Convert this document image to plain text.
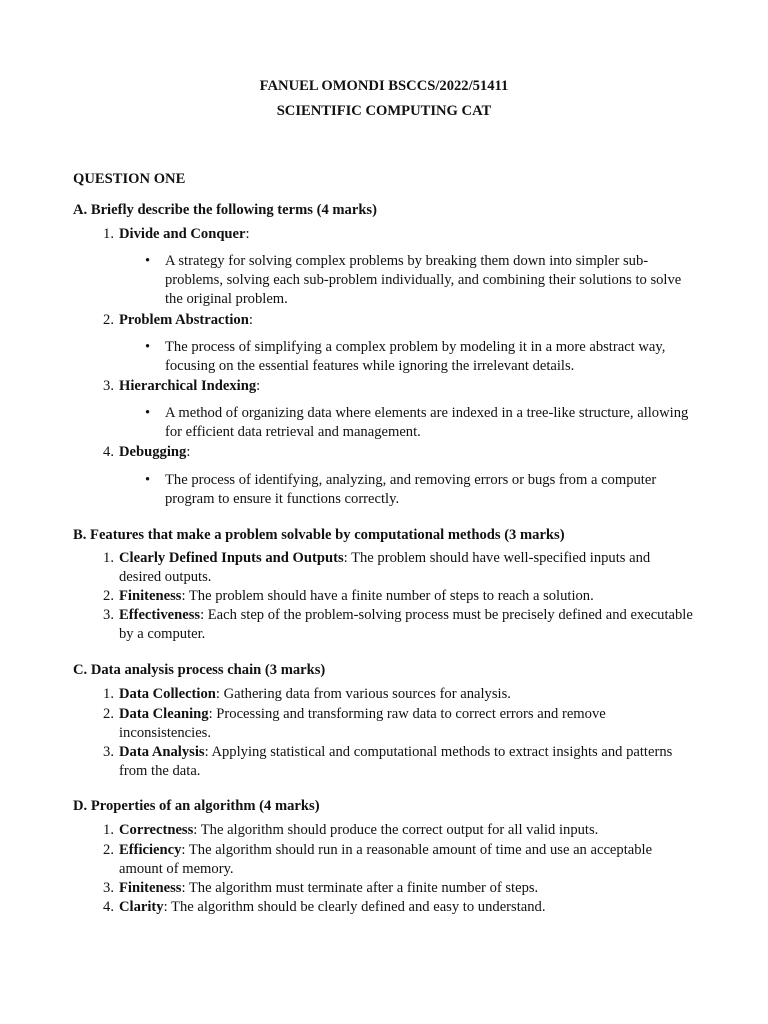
FANUEL OMONDI BSCCS/2022/51411
SCIENTIFIC COMPUTING CAT
QUESTION ONE
A. Briefly describe the following terms (4 marks)
1. Divide and Conquer:
• A strategy for solving complex problems by breaking them down into simpler sub-problems, solving each sub-problem individually, and combining their solutions to solve the original problem.
2. Problem Abstraction:
• The process of simplifying a complex problem by modeling it in a more abstract way, focusing on the essential features while ignoring the irrelevant details.
3. Hierarchical Indexing:
• A method of organizing data where elements are indexed in a tree-like structure, allowing for efficient data retrieval and management.
4. Debugging:
• The process of identifying, analyzing, and removing errors or bugs from a computer program to ensure it functions correctly.
B. Features that make a problem solvable by computational methods (3 marks)
1. Clearly Defined Inputs and Outputs: The problem should have well-specified inputs and desired outputs.
2. Finiteness: The problem should have a finite number of steps to reach a solution.
3. Effectiveness: Each step of the problem-solving process must be precisely defined and executable by a computer.
C. Data analysis process chain (3 marks)
1. Data Collection: Gathering data from various sources for analysis.
2. Data Cleaning: Processing and transforming raw data to correct errors and remove inconsistencies.
3. Data Analysis: Applying statistical and computational methods to extract insights and patterns from the data.
D. Properties of an algorithm (4 marks)
1. Correctness: The algorithm should produce the correct output for all valid inputs.
2. Efficiency: The algorithm should run in a reasonable amount of time and use an acceptable amount of memory.
3. Finiteness: The algorithm must terminate after a finite number of steps.
4. Clarity: The algorithm should be clearly defined and easy to understand.
